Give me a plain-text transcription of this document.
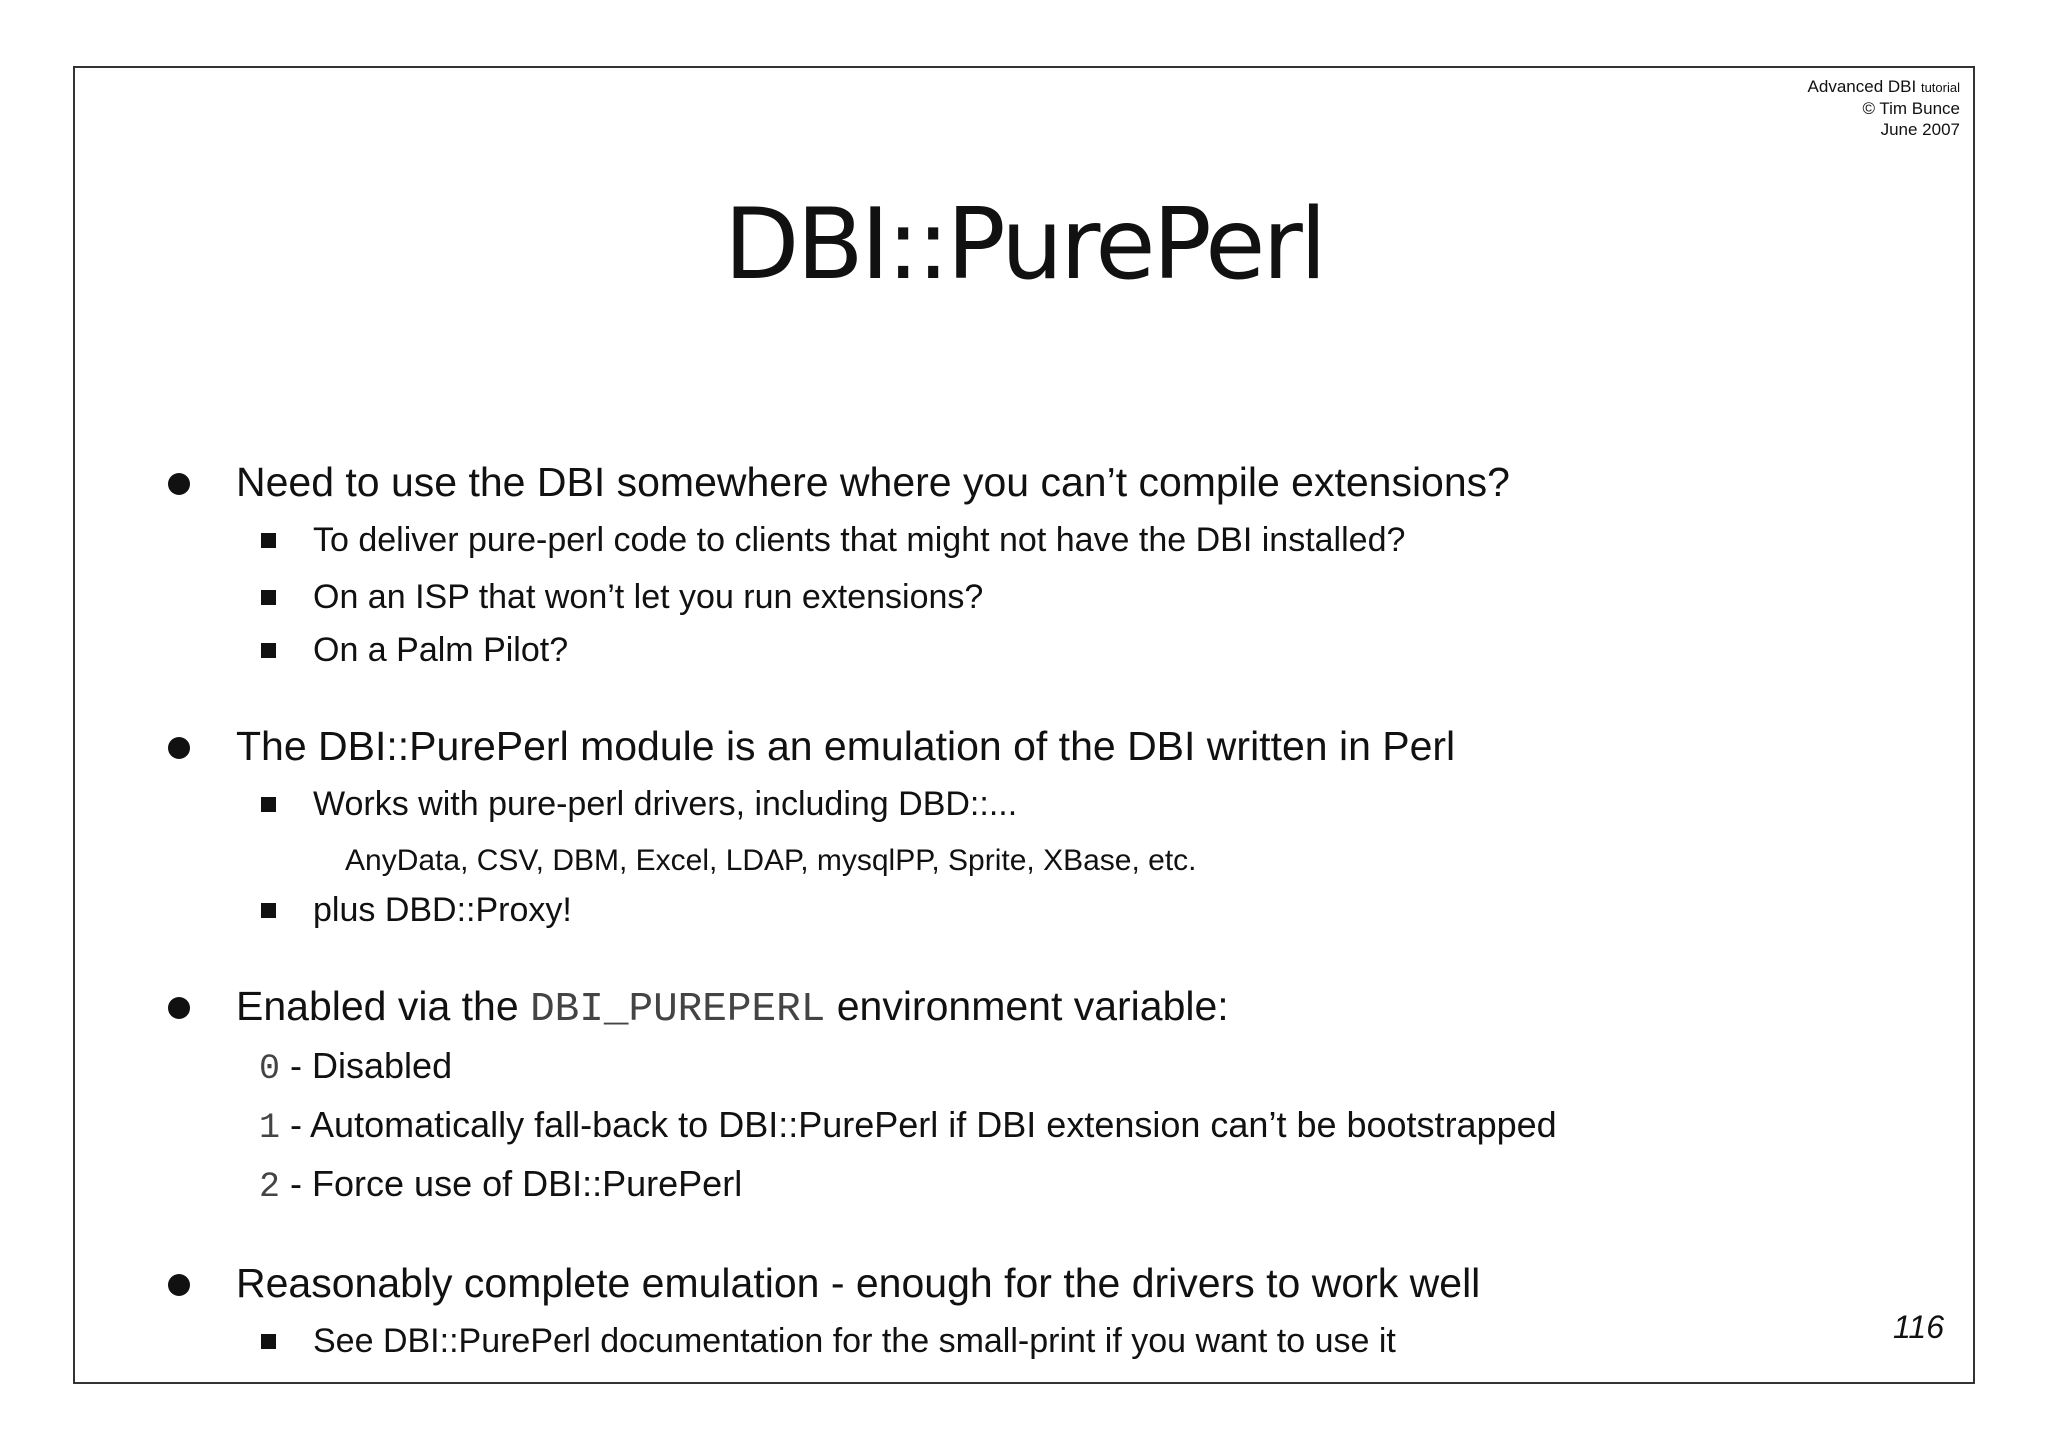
Advanced DBI tutorial
© Tim Bunce
June 2007
DBI::PurePerl
Need to use the DBI somewhere where you can’t compile extensions?
To deliver pure-perl code to clients that might not have the DBI installed?
On an ISP that won’t let you run extensions?
On a Palm Pilot?
The DBI::PurePerl module is an emulation of the DBI written in Perl
Works with pure-perl drivers, including DBD::...
AnyData, CSV, DBM, Excel, LDAP, mysqlPP, Sprite, XBase, etc.
plus DBD::Proxy!
Enabled via the DBI_PUREPERL environment variable:
0 - Disabled
1 - Automatically fall-back to DBI::PurePerl if DBI extension can’t be bootstrapped
2 - Force use of DBI::PurePerl
Reasonably complete emulation - enough for the drivers to work well
See DBI::PurePerl documentation for the small-print if you want to use it	116
